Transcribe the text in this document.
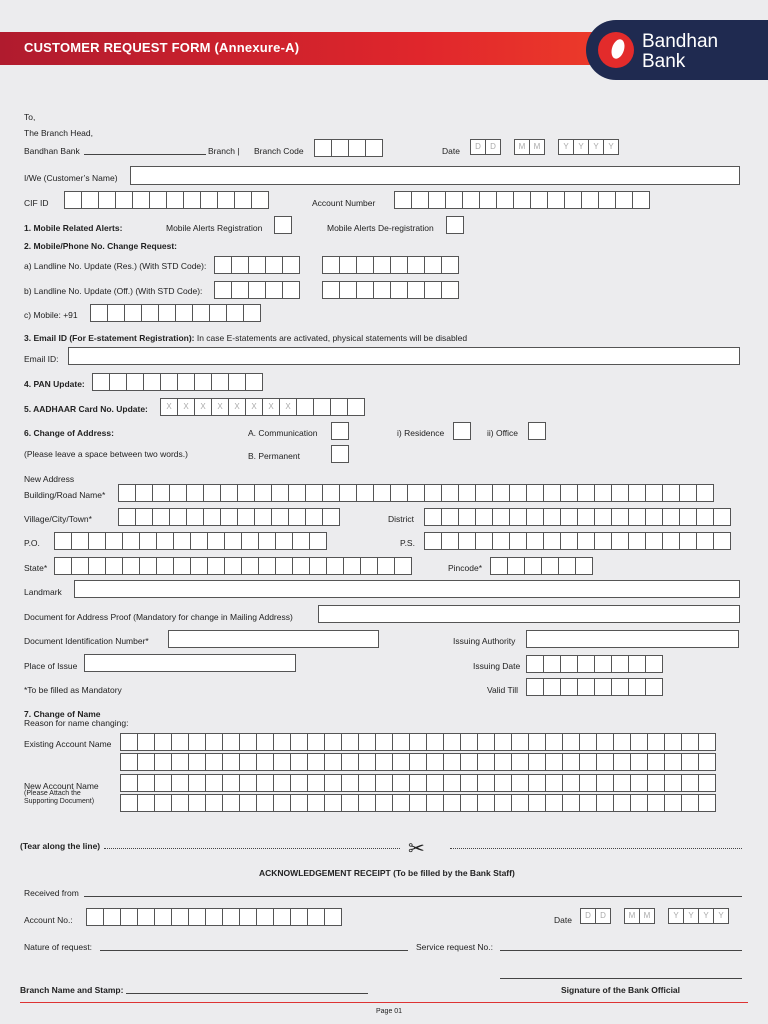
CUSTOMER REQUEST FORM (Annexure-A)	Bandhan
Bank
To,
The Branch Head,
Bandhan Bank	Branch | Branch Code	Date	D	D	M	M	Y	Y	Y	Y
I/We (Customer’s Name)
CIF ID	Account Number
1. Mobile Related Alerts:	Mobile Alerts Registration	Mobile Alerts De-registration
2. Mobile/Phone No. Change Request:
a) Landline No. Update (Res.) (With STD Code):
b) Landline No. Update (Off.) (With STD Code):
c) Mobile: +91
3. Email ID (For E-statement Registration): In case E-statements are activated, physical statements will be disabled
Email ID:
4. PAN Update:
5. AADHAAR Card No. Update:	X	X	X	X	X	X	X	X
6. Change of Address:
(Please leave a space between two words.)
A. Communication	i) Residence	ii) Office
B. Permanent
New Address
Building/Road Name*
Village/City/Town*	District
P.O.	P.S.
State*	Pincode*
Landmark
Document for Address Proof (Mandatory for change in Mailing Address)
Document Identification Number*	Issuing Authority
Place of Issue	Issuing Date
*To be filled as Mandatory	Valid Till
7. Change of Name
Reason for name changing:
Existing Account Name
New Account Name
(Please Attach the
Supporting Document)
(Tear along the line)	✂
ACKNOWLEDGEMENT RECEIPT (To be filled by the Bank Staff)
Received from
Account No.:	Date	D	D	M	M	Y	Y	Y	Y
Nature of request:	Service request No.:
Branch Name and Stamp:	Signature of the Bank Official
Page 01
